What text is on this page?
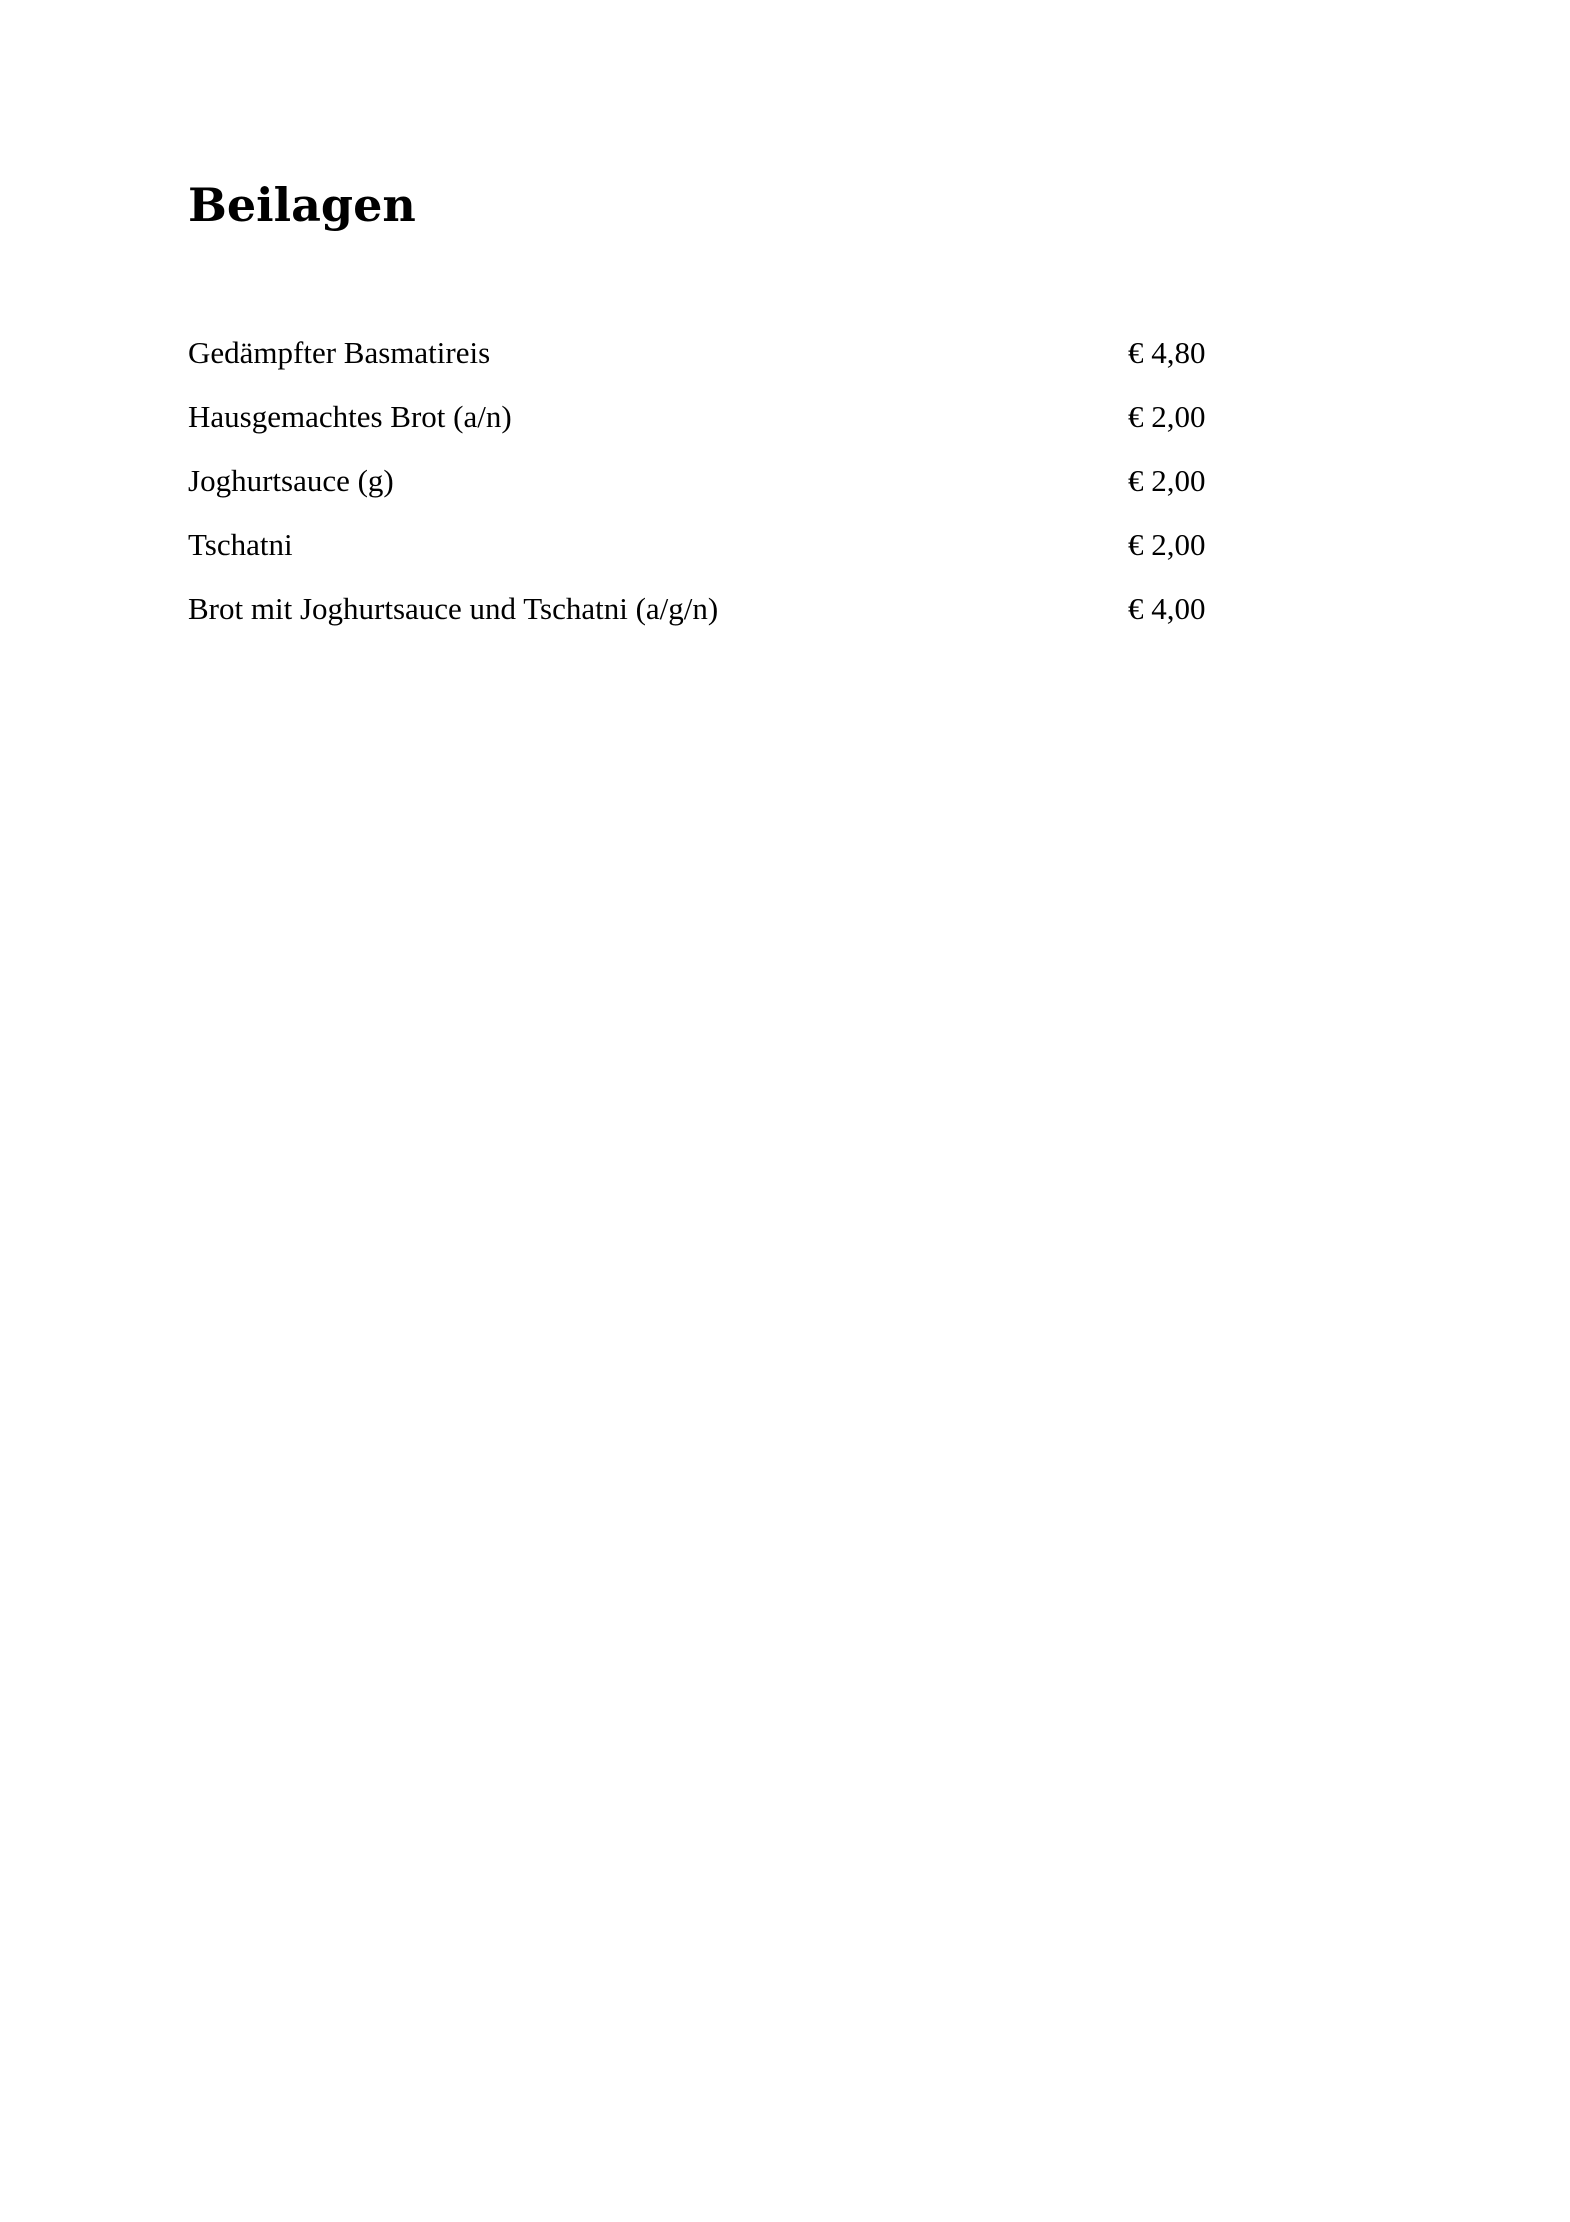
Beilagen
Gedämpfter Basmatireis	€ 4,80
Hausgemachtes Brot (a/n)	€ 2,00
Joghurtsauce (g)	€ 2,00
Tschatni	€ 2,00
Brot mit Joghurtsauce und Tschatni (a/g/n)	€ 4,00
